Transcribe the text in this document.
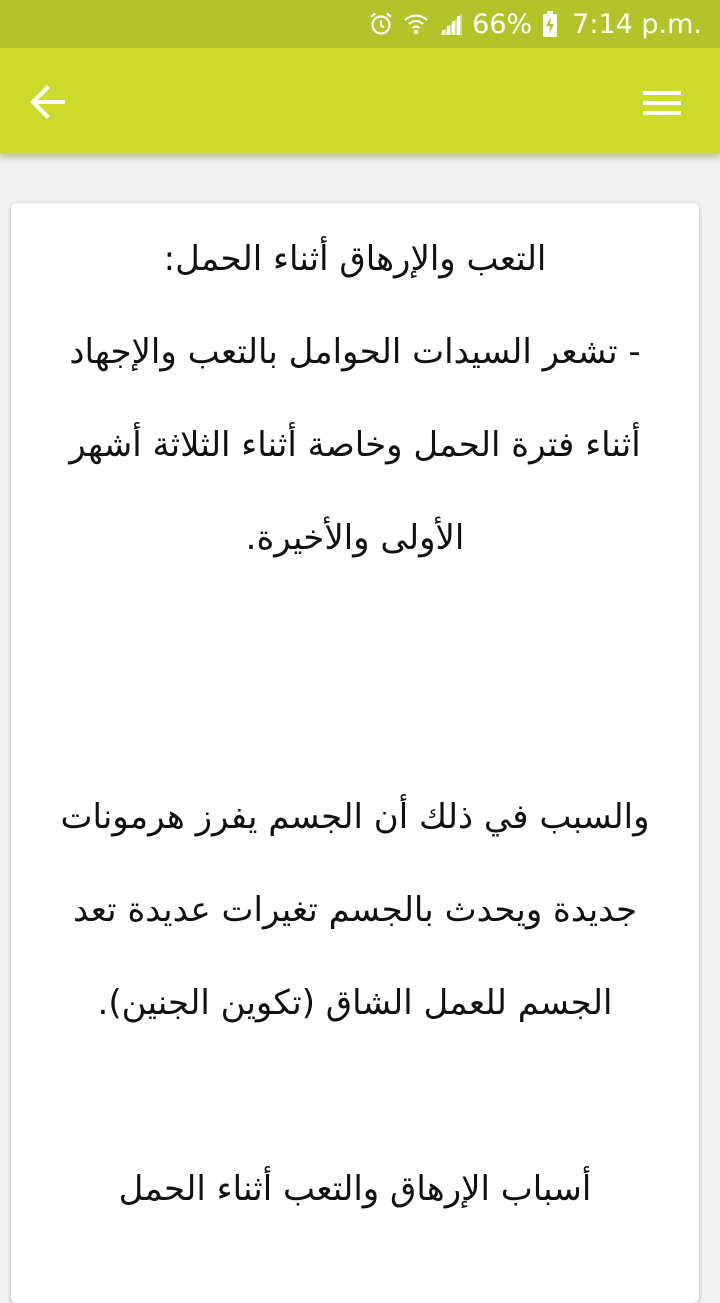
66% 7:14 p.m.

التعب والإرهاق أثناء الحمل:

- تشعر السيدات الحوامل بالتعب والإجهاد أثناء فترة الحمل وخاصة أثناء الثلاثة أشهر الأولى والأخيرة.

والسبب في ذلك أن الجسم يفرز هرمونات جديدة ويحدث بالجسم تغيرات عديدة تعد الجسم للعمل الشاق (تكوين الجنين).

أسباب الإرهاق والتعب أثناء الحمل
